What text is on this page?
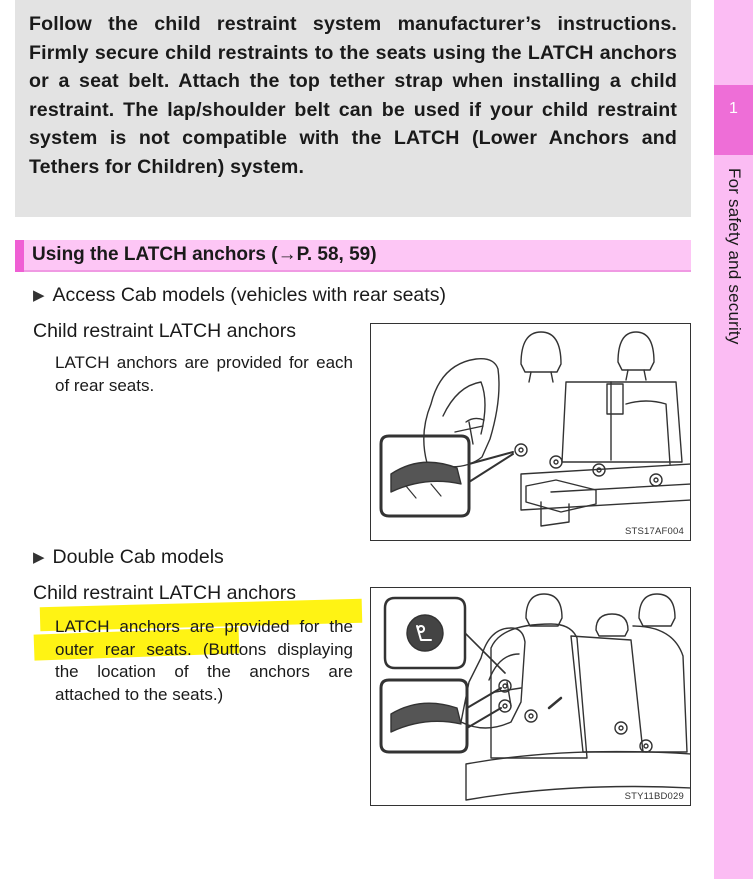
Follow the child restraint system manufacturer’s instructions. Firmly secure child restraints to the seats using the LATCH anchors or a seat belt. Attach the top tether strap when installing a child restraint. The lap/shoulder belt can be used if your child restraint system is not compatible with the LATCH (Lower Anchors and Tethers for Children) system.

1
For safety and security
Using the LATCH anchors (→P. 58, 59)
▶ Access Cab models (vehicles with rear seats)
Child restraint LATCH anchors
LATCH anchors are provided for each of rear seats.
STS17AF004
▶ Double Cab models
Child restraint LATCH anchors
LATCH anchors are provided for the outer rear seats. (Buttons displaying the location of the anchors are attached to the seats.)
STY11BD029
